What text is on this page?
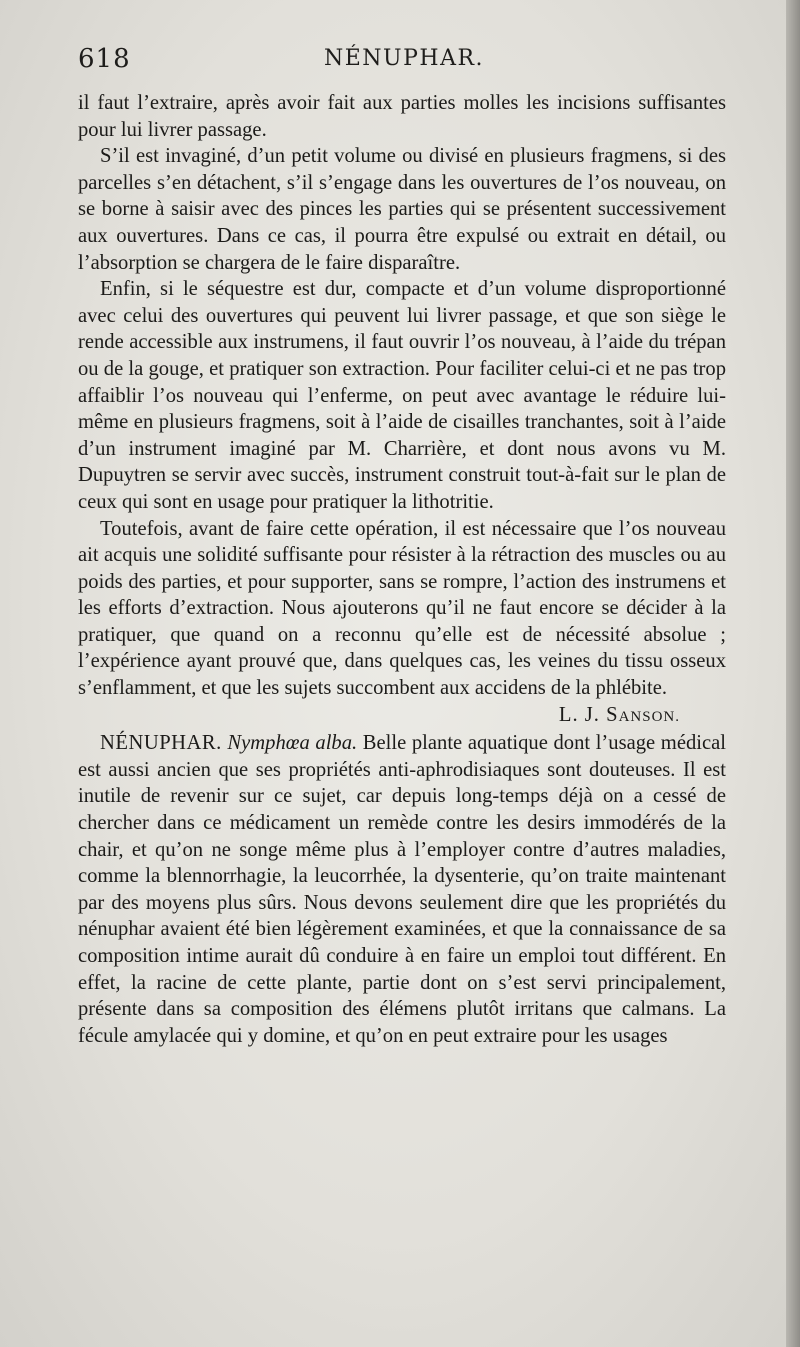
618	NÉNUPHAR.

il faut l’extraire, après avoir fait aux parties molles les incisions suffisantes pour lui livrer passage.

S’il est invaginé, d’un petit volume ou divisé en plusieurs fragmens, si des parcelles s’en détachent, s’il s’engage dans les ouvertures de l’os nouveau, on se borne à saisir avec des pinces les parties qui se présentent successivement aux ouvertures. Dans ce cas, il pourra être expulsé ou extrait en détail, ou l’absorption se chargera de le faire disparaître.

Enfin, si le séquestre est dur, compacte et d’un volume disproportionné avec celui des ouvertures qui peuvent lui livrer passage, et que son siège le rende accessible aux instrumens, il faut ouvrir l’os nouveau, à l’aide du trépan ou de la gouge, et pratiquer son extraction. Pour faciliter celui-ci et ne pas trop affaiblir l’os nouveau qui l’enferme, on peut avec avantage le réduire lui-même en plusieurs fragmens, soit à l’aide de cisailles tranchantes, soit à l’aide d’un instrument imaginé par M. Charrière, et dont nous avons vu M. Dupuytren se servir avec succès, instrument construit tout-à-fait sur le plan de ceux qui sont en usage pour pratiquer la lithotritie.

Toutefois, avant de faire cette opération, il est nécessaire que l’os nouveau ait acquis une solidité suffisante pour résister à la rétraction des muscles ou au poids des parties, et pour supporter, sans se rompre, l’action des instrumens et les efforts d’extraction. Nous ajouterons qu’il ne faut encore se décider à la pratiquer, que quand on a reconnu qu’elle est de nécessité absolue ; l’expérience ayant prouvé que, dans quelques cas, les veines du tissu osseux s’enflamment, et que les sujets succombent aux accidens de la phlébite.

L. J. SANSON.

NÉNUPHAR. Nymphœa alba. Belle plante aquatique dont l’usage médical est aussi ancien que ses propriétés anti-aphrodisiaques sont douteuses. Il est inutile de revenir sur ce sujet, car depuis long-temps déjà on a cessé de chercher dans ce médicament un remède contre les desirs immodérés de la chair, et qu’on ne songe même plus à l’employer contre d’autres maladies, comme la blennorrhagie, la leucorrhée, la dysenterie, qu’on traite maintenant par des moyens plus sûrs. Nous devons seulement dire que les propriétés du nénuphar avaient été bien légèrement examinées, et que la connaissance de sa composition intime aurait dû conduire à en faire un emploi tout différent. En effet, la racine de cette plante, partie dont on s’est servi principalement, présente dans sa composition des élémens plutôt irritans que calmans. La fécule amylacée qui y domine, et qu’on en peut extraire pour les usages
